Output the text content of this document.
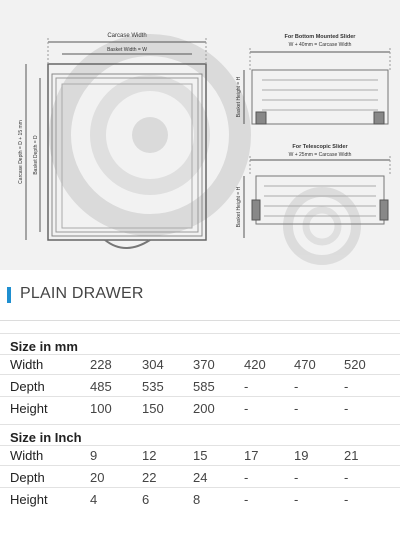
Carcase Width
Basket Width = W
Carcase Depth = D + 15 mm Basket Depth = D
For Bottom Mounted Slider
W + 40mm = Carcase Width
Basket Height = H
For Telescopic Slider
W + 25mm = Carcase Width
Basket Height = H
PLAIN DRAWER
Size in mm
Width	228	304	370	420	470	520
Depth	485	535	585	-	-	-
Height	100	150	200	-	-	-
Size in Inch
Width	9	12	15	17	19	21
Depth	20	22	24	-	-	-
Height	4	6	8	-	-	-
